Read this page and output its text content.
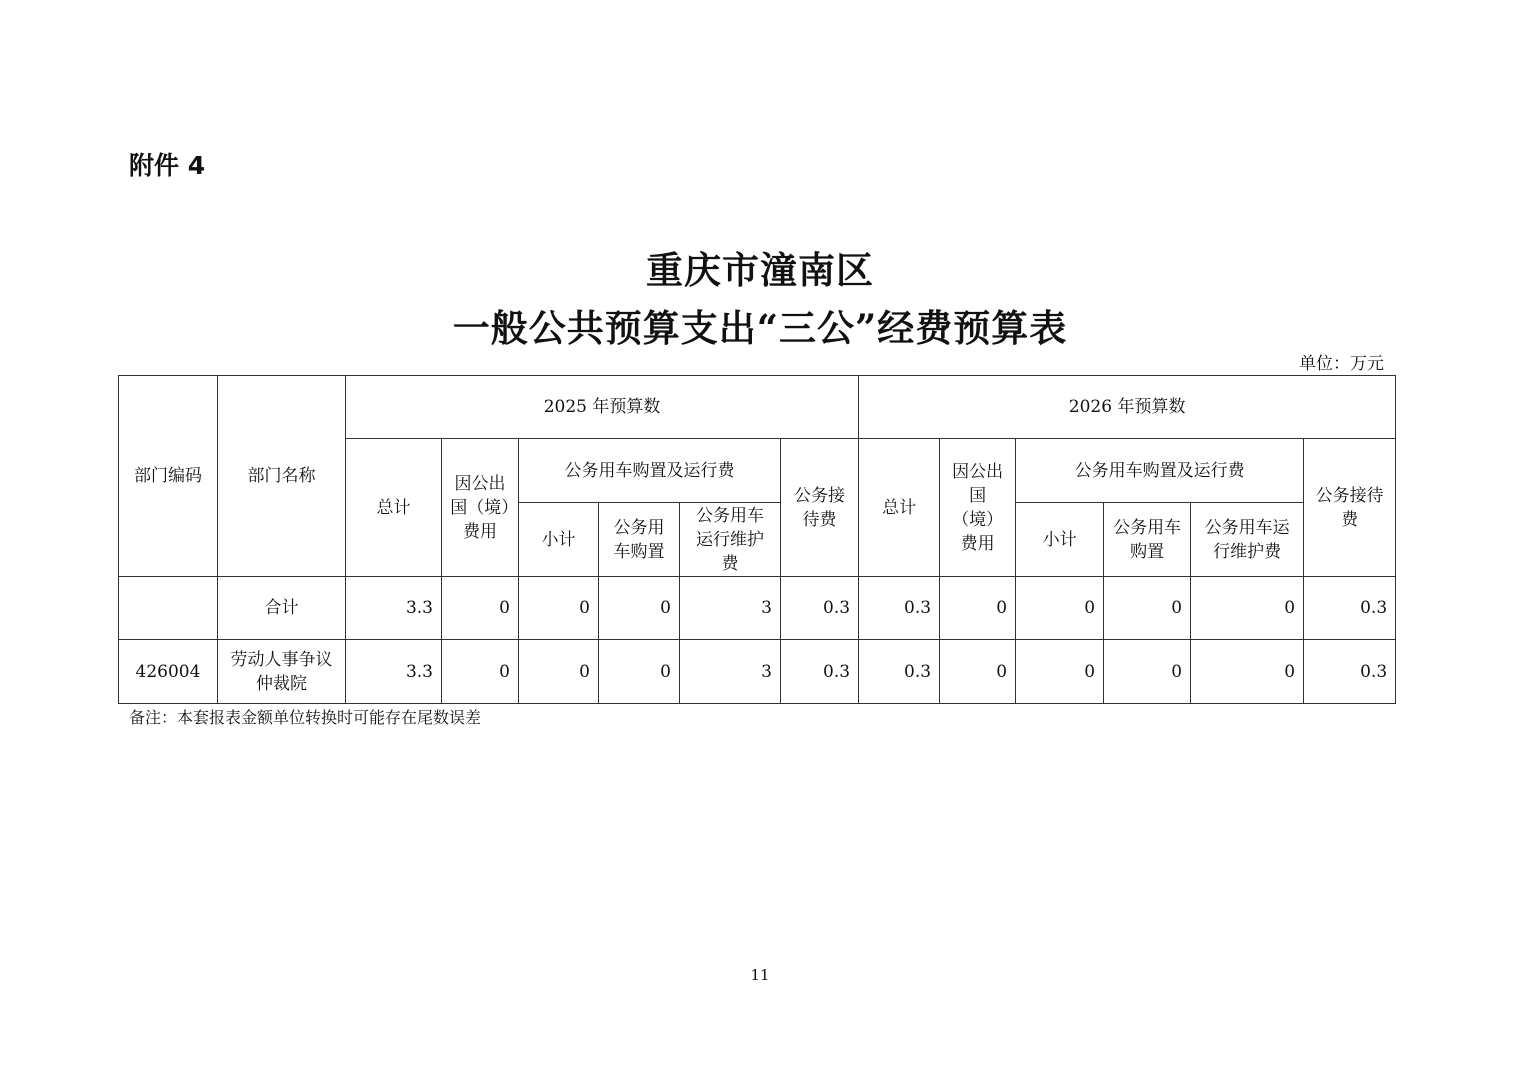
附件 4
重庆市潼南区
一般公共预算支出“三公”经费预算表
单位：万元
部门编码	部门名称	2025 年预算数						2026 年预算数					
		总计	因公出国（境）费用	公务用车购置及运行费			公务接待费	总计	因公出国（境）费用	公务用车购置及运行费			公务接待费
				小计	公务用车购置	公务用车运行维护费				小计	公务用车购置	公务用车运行维护费	
	合计	3.3	0	0	0	3	0.3	0.3	0	0	0	0	0.3
426004	劳动人事争议仲裁院	3.3	0	0	0	3	0.3	0.3	0	0	0	0	0.3
备注：本套报表金额单位转换时可能存在尾数误差
11
